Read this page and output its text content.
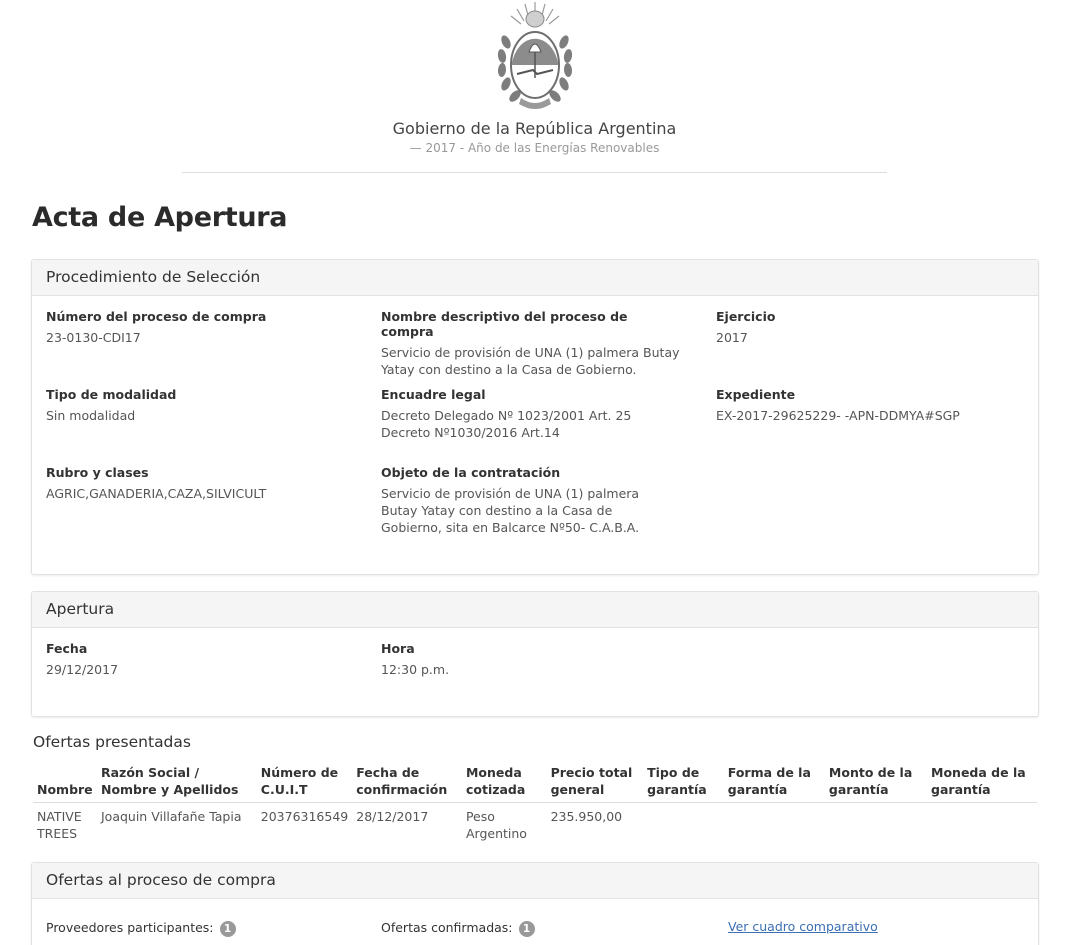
Gobierno de la República Argentina
— 2017 - Año de las Energías Renovables
Acta de Apertura
Procedimiento de Selección
Número del proceso de compra
23-0130-CDI17
Nombre descriptivo del proceso de compra
Servicio de provisión de UNA (1) palmera Butay Yatay con destino a la Casa de Gobierno.
Ejercicio
2017
Tipo de modalidad
Sin modalidad
Encuadre legal
Decreto Delegado Nº 1023/2001 Art. 25
Decreto Nº1030/2016 Art.14
Expediente
EX-2017-29625229- -APN-DDMYA#SGP
Rubro y clases
AGRIC,GANADERIA,CAZA,SILVICULT
Objeto de la contratación
Servicio de provisión de UNA (1) palmera Butay Yatay con destino a la Casa de Gobierno, sita en Balcarce Nº50- C.A.B.A.
Apertura
Fecha
29/12/2017
Hora
12:30 p.m.
Ofertas presentadas
Nombre	Razón Social / Nombre y Apellidos	Número de C.U.I.T	Fecha de confirmación	Moneda cotizada	Precio total general	Tipo de garantía	Forma de la garantía	Monto de la garantía	Moneda de la garantía
NATIVE TREES	Joaquin Villafañe Tapia	20376316549	28/12/2017	Peso Argentino	235.950,00				
Ofertas al proceso de compra
Proveedores participantes: 1	Ofertas confirmadas: 1	Ver cuadro comparativo
